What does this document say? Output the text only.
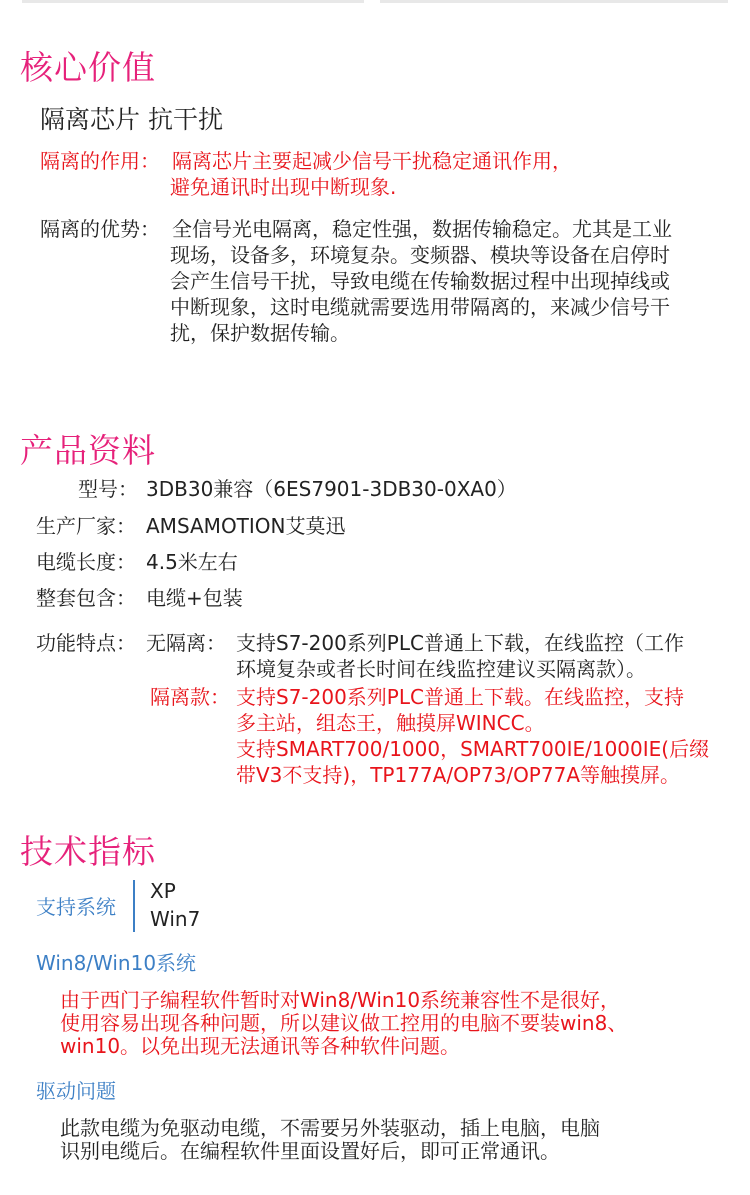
核心价值
隔离芯片 抗干扰
隔离的作用： 隔离芯片主要起减少信号干扰稳定通讯作用，
避免通讯时出现中断现象.
隔离的优势： 全信号光电隔离，稳定性强，数据传输稳定。尤其是工业
现场，设备多，环境复杂。变频器、模块等设备在启停时
会产生信号干扰，导致电缆在传输数据过程中出现掉线或
中断现象，这时电缆就需要选用带隔离的，来减少信号干
扰，保护数据传输。
产品资料
型号： 3DB30兼容（6ES7901-3DB30-0XA0）
生产厂家： AMSAMOTION艾莫迅
电缆长度： 4.5米左右
整套包含： 电缆+包装
功能特点： 无隔离： 支持S7-200系列PLC普通上下载，在线监控（工作
环境复杂或者长时间在线监控建议买隔离款）。
隔离款： 支持S7-200系列PLC普通上下载。在线监控，支持
多主站，组态王，触摸屏WINCC。
支持SMART700/1000，SMART700IE/1000IE(后缀
带V3不支持)，TP177A/OP73/OP77A等触摸屏。
技术指标
支持系统
XP
Win7
Win8/Win10系统
由于西门子编程软件暂时对Win8/Win10系统兼容性不是很好，
使用容易出现各种问题，所以建议做工控用的电脑不要装win8、
win10。以免出现无法通讯等各种软件问题。
驱动问题
此款电缆为免驱动电缆，不需要另外装驱动，插上电脑，电脑
识别电缆后。在编程软件里面设置好后，即可正常通讯。
